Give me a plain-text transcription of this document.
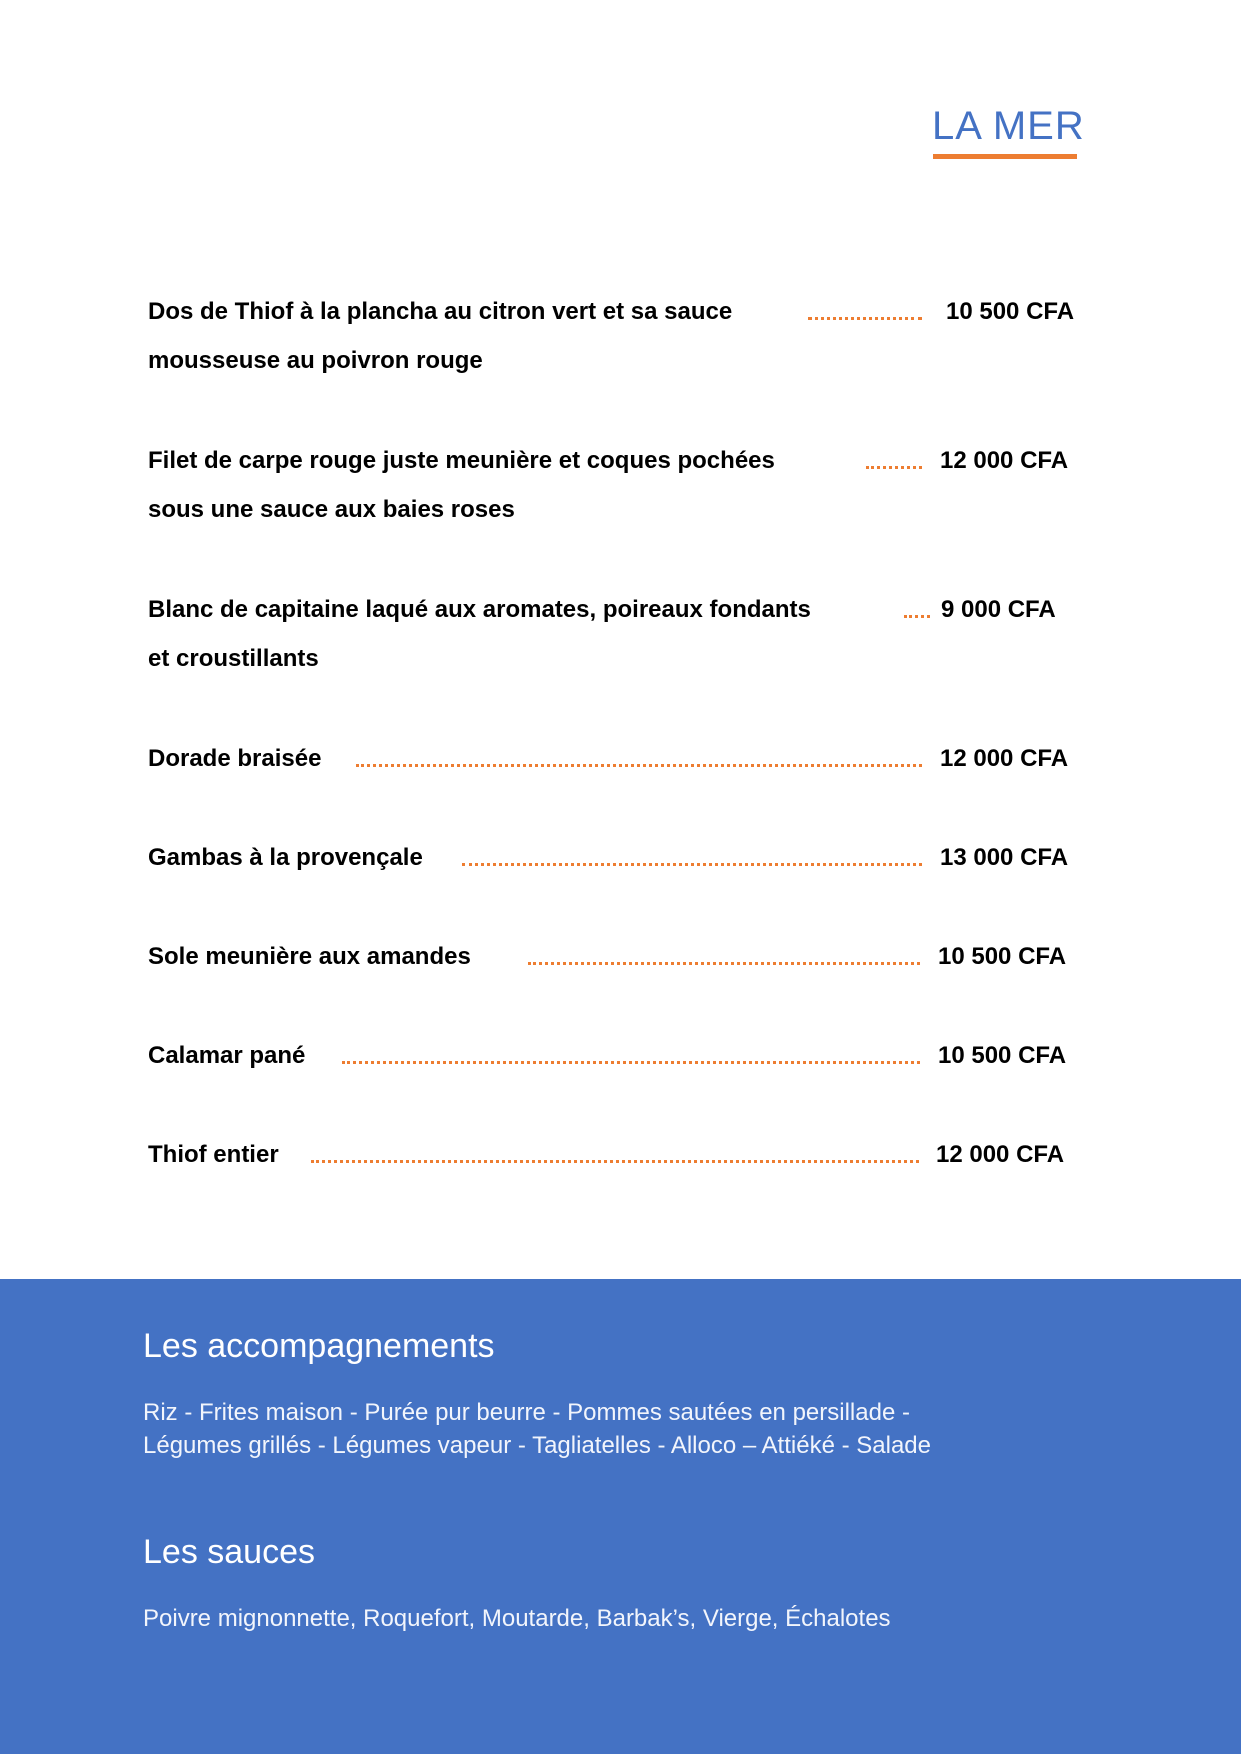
LA MER
Dos de Thiof à la plancha au citron vert et sa sauce	10 500 CFA
mousseuse au poivron rouge
Filet de carpe rouge juste meunière et coques pochées	12 000 CFA
sous une sauce aux baies roses
Blanc de capitaine laqué aux aromates, poireaux fondants	9 000 CFA
et croustillants
Dorade braisée	12 000 CFA
Gambas à la provençale	13 000 CFA
Sole meunière aux amandes	10 500 CFA
Calamar pané	10 500 CFA
Thiof entier	12 000 CFA
Les accompagnements

Riz - Frites maison - Purée pur beurre - Pommes sautées en persillade -

Légumes grillés - Légumes vapeur - Tagliatelles - Alloco – Attiéké - Salade

Les sauces

Poivre mignonnette, Roquefort, Moutarde, Barbak’s, Vierge, Échalotes
